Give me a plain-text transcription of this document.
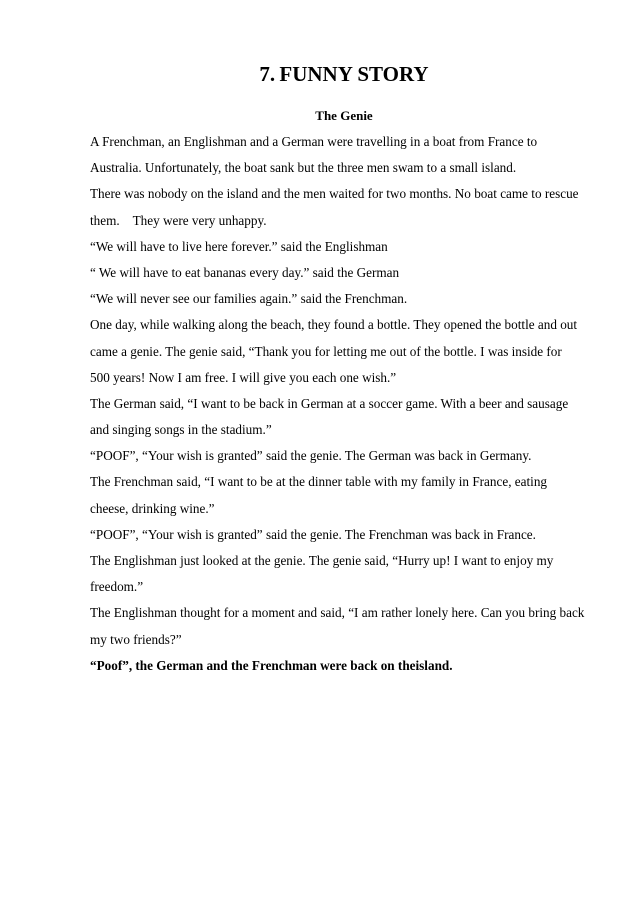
7. FUNNY STORY
The Genie
A Frenchman, an Englishman and a German were travelling in a boat from France to
Australia. Unfortunately, the boat sank but the three men swam to a small island.
There was nobody on the island and the men waited for two months. No boat came to rescue
them.    They were very unhappy.
“We will have to live here forever.” said the Englishman
“ We will have to eat bananas every day.” said the German
“We will never see our families again.” said the Frenchman.
One day, while walking along the beach, they found a bottle. They opened the bottle and out
came a genie. The genie said, “Thank you for letting me out of the bottle. I was inside for
500 years! Now I am free. I will give you each one wish.”
The German said, “I want to be back in German at a soccer game. With a beer and sausage
and singing songs in the stadium.”
“POOF”, “Your wish is granted” said the genie. The German was back in Germany.
The Frenchman said, “I want to be at the dinner table with my family in France, eating
cheese, drinking wine.”
“POOF”, “Your wish is granted” said the genie. The Frenchman was back in France.
The Englishman just looked at the genie. The genie said, “Hurry up! I want to enjoy my
freedom.”
The Englishman thought for a moment and said, “I am rather lonely here. Can you bring back
my two friends?”
“Poof”, the German and the Frenchman were back on theisland.
